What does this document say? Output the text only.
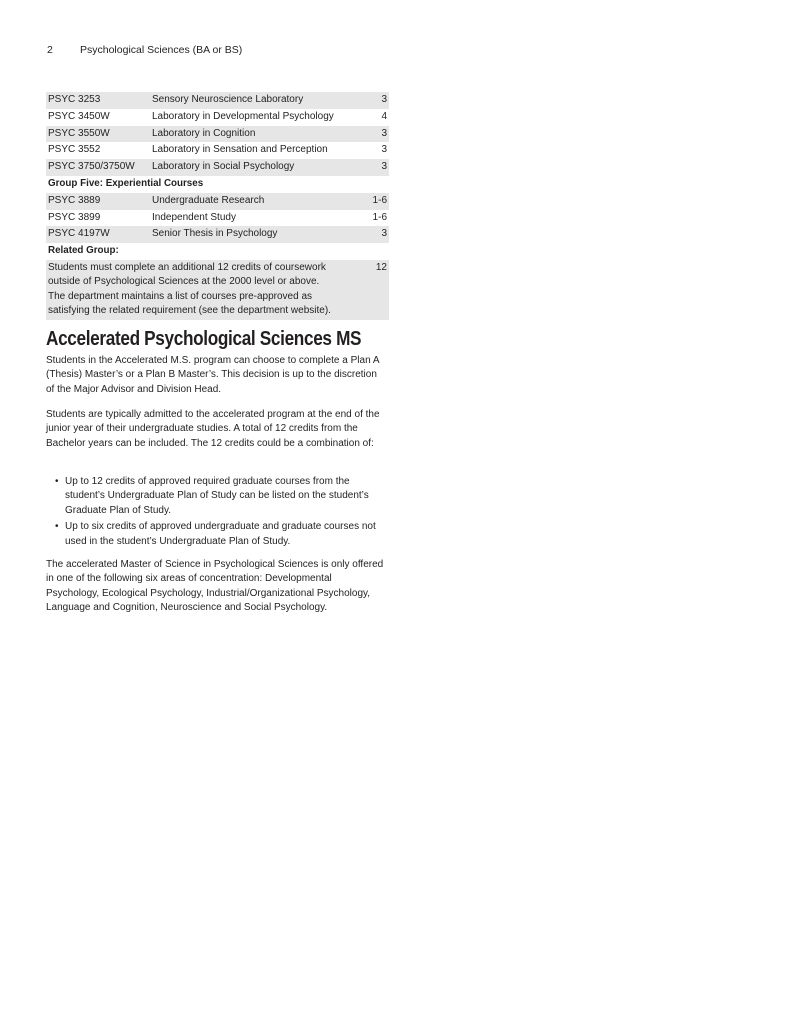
2	Psychological Sciences (BA or BS)
PSYC 3253	Sensory Neuroscience Laboratory	3
PSYC 3450W	Laboratory in Developmental Psychology	4
PSYC 3550W	Laboratory in Cognition	3
PSYC 3552	Laboratory in Sensation and Perception	3
PSYC 3750/3750W	Laboratory in Social Psychology	3
Group Five: Experiential Courses		
PSYC 3889	Undergraduate Research	1-6
PSYC 3899	Independent Study	1-6
PSYC 4197W	Senior Thesis in Psychology	3
Related Group:		
Students must complete an additional 12 credits of coursework outside of Psychological Sciences at the 2000 level or above. The department maintains a list of courses pre-approved as satisfying the related requirement (see the department website).		12
Accelerated Psychological Sciences MS

Students in the Accelerated M.S. program can choose to complete a Plan A (Thesis) Master’s or a Plan B Master’s. This decision is up to the discretion of the Major Advisor and Division Head.

Students are typically admitted to the accelerated program at the end of the junior year of their undergraduate studies. A total of 12 credits from the Bachelor years can be included. The 12 credits could be a combination of:

• Up to 12 credits of approved required graduate courses from the student’s Undergraduate Plan of Study can be listed on the student’s Graduate Plan of Study.
• Up to six credits of approved undergraduate and graduate courses not used in the student’s Undergraduate Plan of Study.

The accelerated Master of Science in Psychological Sciences is only offered in one of the following six areas of concentration: Developmental Psychology, Ecological Psychology, Industrial/Organizational Psychology, Language and Cognition, Neuroscience and Social Psychology.
